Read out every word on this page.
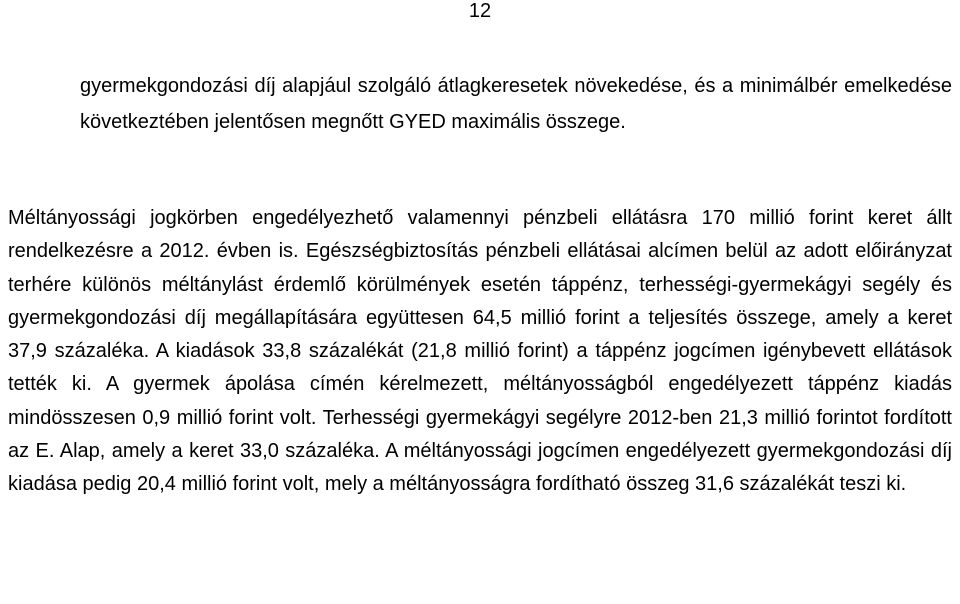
12

gyermekgondozási díj alapjául szolgáló átlagkeresetek növekedése, és a minimálbér emelkedése következtében jelentősen megnőtt GYED maximális összege.

Méltányossági jogkörben engedélyezhető valamennyi pénzbeli ellátásra 170 millió forint keret állt rendelkezésre a 2012. évben is. Egészségbiztosítás pénzbeli ellátásai alcímen belül az adott előirányzat terhére különös méltánylást érdemlő körülmények esetén táppénz, terhességi-gyermekágyi segély és gyermekgondozási díj megállapítására együttesen 64,5 millió forint a teljesítés összege, amely a keret 37,9 százaléka. A kiadások 33,8 százalékát (21,8 millió forint) a táppénz jogcímen igénybevett ellátások tették ki. A gyermek ápolása címén kérelmezett, méltányosságból engedélyezett táppénz kiadás mindösszesen 0,9 millió forint volt. Terhességi gyermekágyi segélyre 2012-ben 21,3 millió forintot fordított az E. Alap, amely a keret 33,0 százaléka. A méltányossági jogcímen engedélyezett gyermekgondozási díj kiadása pedig 20,4 millió forint volt, mely a méltányosságra fordítható összeg 31,6 százalékát teszi ki.
